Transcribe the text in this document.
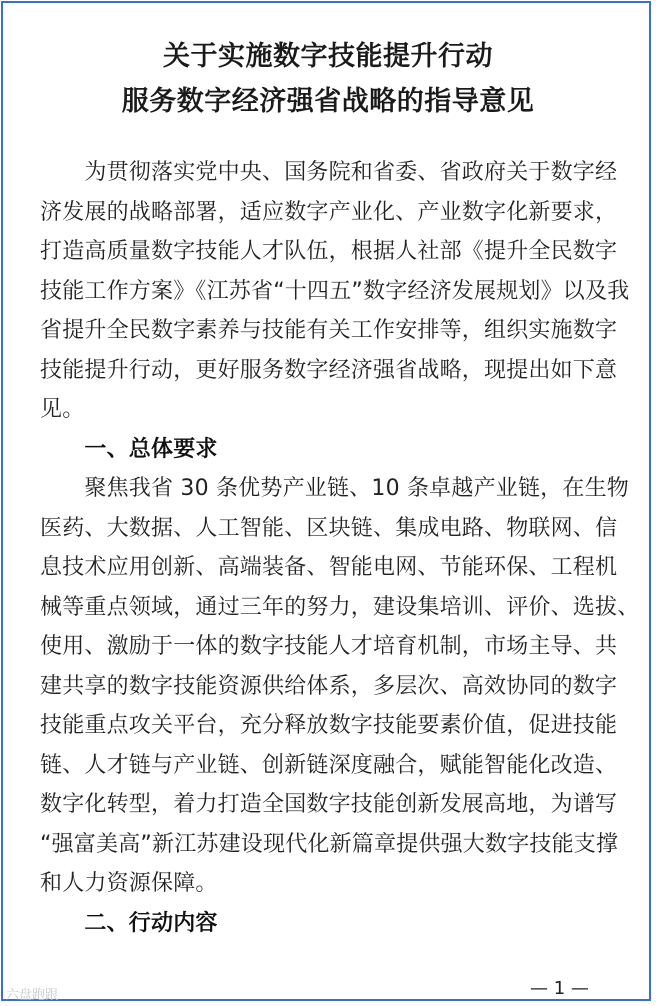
关于实施数字技能提升行动
服务数字经济强省战略的指导意见
　　为贯彻落实党中央、国务院和省委、省政府关于数字经
济发展的战略部署，适应数字产业化、产业数字化新要求，
打造高质量数字技能人才队伍，根据人社部《提升全民数字
技能工作方案》《江苏省“十四五”数字经济发展规划》以及我
省提升全民数字素养与技能有关工作安排等，组织实施数字
技能提升行动，更好服务数字经济强省战略，现提出如下意
见。
　　一、总体要求
　　聚焦我省 30 条优势产业链、10 条卓越产业链，在生物
医药、大数据、人工智能、区块链、集成电路、物联网、信
息技术应用创新、高端装备、智能电网、节能环保、工程机
械等重点领域，通过三年的努力，建设集培训、评价、选拔、
使用、激励于一体的数字技能人才培育机制，市场主导、共
建共享的数字技能资源供给体系，多层次、高效协同的数字
技能重点攻关平台，充分释放数字技能要素价值，促进技能
链、人才链与产业链、创新链深度融合，赋能智能化改造、
数字化转型，着力打造全国数字技能创新发展高地，为谱写
“强富美高”新江苏建设现代化新篇章提供强大数字技能支撑
和人力资源保障。
　　二、行动内容
— 1 —
六盘跑跟
